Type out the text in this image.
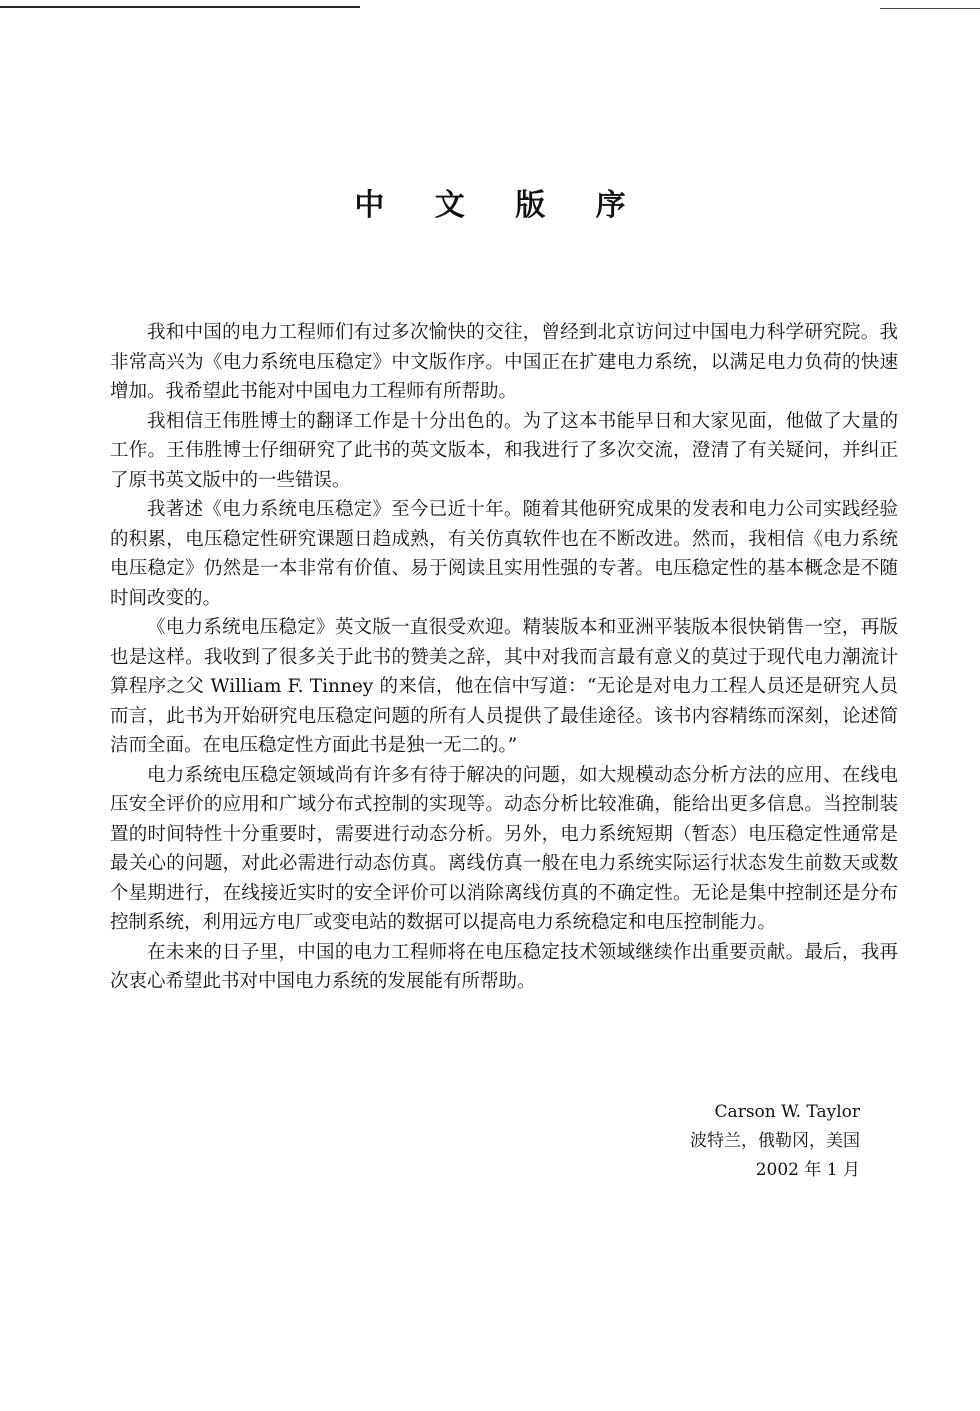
中 文 版 序

我和中国的电力工程师们有过多次愉快的交往，曾经到北京访问过中国电力科学研究院。我非常高兴为《电力系统电压稳定》中文版作序。中国正在扩建电力系统，以满足电力负荷的快速增加。我希望此书能对中国电力工程师有所帮助。

我相信王伟胜博士的翻译工作是十分出色的。为了这本书能早日和大家见面，他做了大量的工作。王伟胜博士仔细研究了此书的英文版本，和我进行了多次交流，澄清了有关疑问，并纠正了原书英文版中的一些错误。

我著述《电力系统电压稳定》至今已近十年。随着其他研究成果的发表和电力公司实践经验的积累，电压稳定性研究课题日趋成熟，有关仿真软件也在不断改进。然而，我相信《电力系统电压稳定》仍然是一本非常有价值、易于阅读且实用性强的专著。电压稳定性的基本概念是不随时间改变的。

《电力系统电压稳定》英文版一直很受欢迎。精装版本和亚洲平装版本很快销售一空，再版也是这样。我收到了很多关于此书的赞美之辞，其中对我而言最有意义的莫过于现代电力潮流计算程序之父 William F. Tinney 的来信，他在信中写道：“无论是对电力工程人员还是研究人员而言，此书为开始研究电压稳定问题的所有人员提供了最佳途径。该书内容精练而深刻，论述简洁而全面。在电压稳定性方面此书是独一无二的。”

电力系统电压稳定领域尚有许多有待于解决的问题，如大规模动态分析方法的应用、在线电压安全评价的应用和广域分布式控制的实现等。动态分析比较准确，能给出更多信息。当控制装置的时间特性十分重要时，需要进行动态分析。另外，电力系统短期（暂态）电压稳定性通常是最关心的问题，对此必需进行动态仿真。离线仿真一般在电力系统实际运行状态发生前数天或数个星期进行，在线接近实时的安全评价可以消除离线仿真的不确定性。无论是集中控制还是分布控制系统，利用远方电厂或变电站的数据可以提高电力系统稳定和电压控制能力。

在未来的日子里，中国的电力工程师将在电压稳定技术领域继续作出重要贡献。最后，我再次衷心希望此书对中国电力系统的发展能有所帮助。

Carson W. Taylor
波特兰，俄勒冈，美国
2002 年 1 月
